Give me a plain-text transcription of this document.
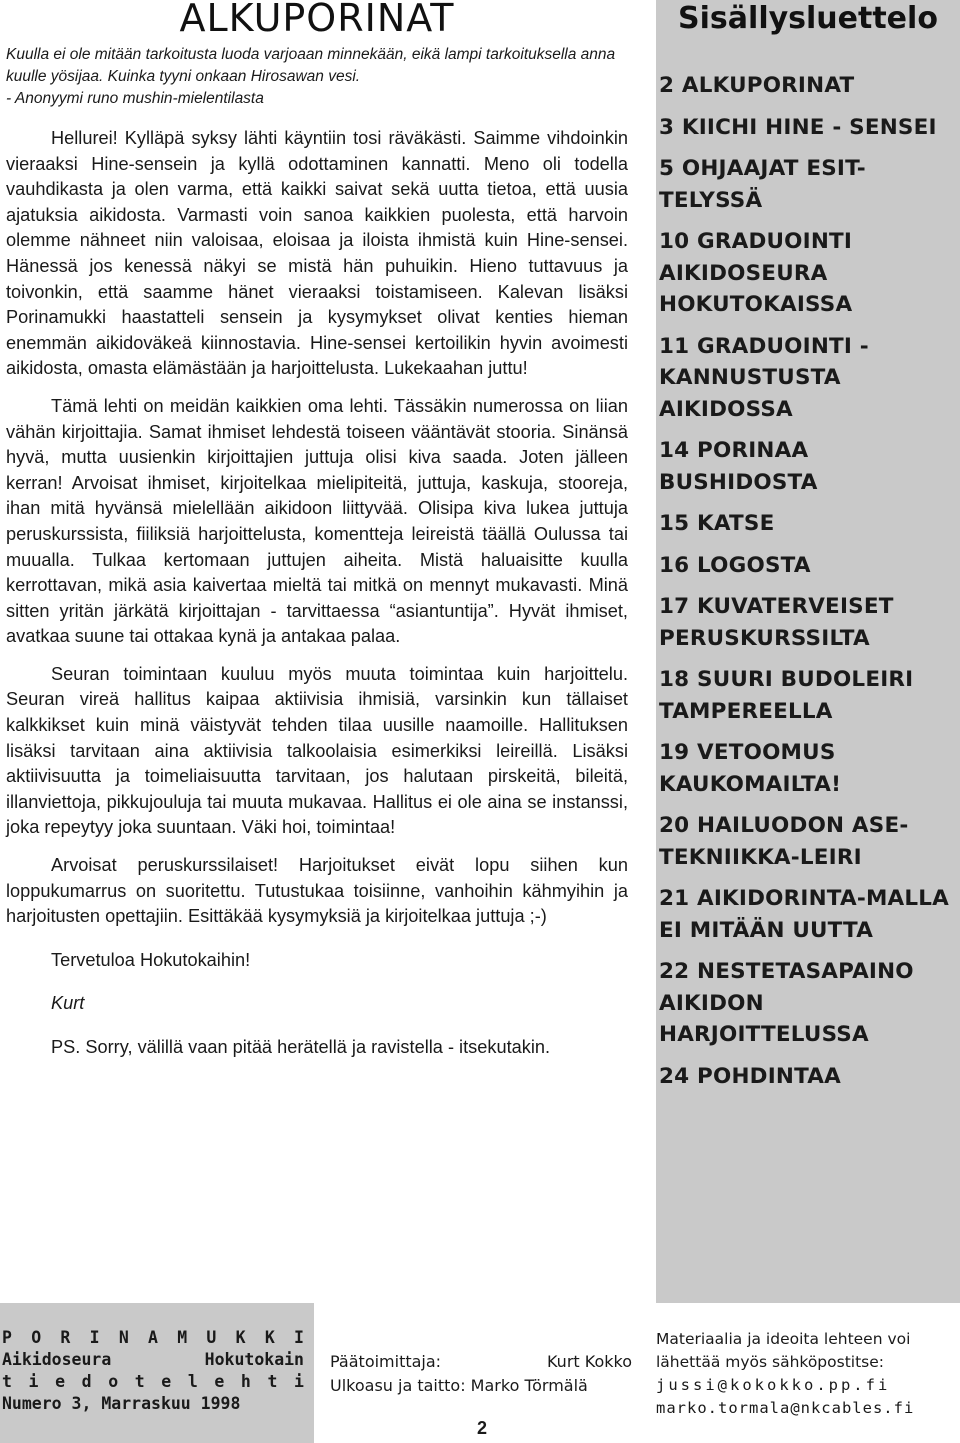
ALKUPORINAT
Kuulla ei ole mitään tarkoitusta luoda varjoaan minnekään, eikä lampi tarkoituksella anna kuulle yösijaa. Kuinka tyyni onkaan Hirosawan vesi.
- Anonyymi runo mushin-mielentilasta

Hellurei! Kylläpä syksy lähti käyntiin tosi räväkästi. Saimme vihdoinkin vieraaksi Hine-sensein ja kyllä odottaminen kannatti. Meno oli todella vauhdikasta ja olen varma, että kaikki saivat sekä uutta tietoa, että uusia ajatuksia aikidosta. Varmasti voin sanoa kaikkien puolesta, että harvoin olemme nähneet niin valoisaa, eloisaa ja iloista ihmistä kuin Hine-sensei. Hänessä jos kenessä näkyi se mistä hän puhuikin. Hieno tuttavuus ja toivonkin, että saamme hänet vieraaksi toistamiseen. Kalevan lisäksi Porinamukki haastatteli sensein ja kysymykset olivat kenties hieman enemmän aikidoväkeä kiinnostavia. Hine-sensei kertoilikin hyvin avoimesti aikidosta, omasta elämästään ja harjoittelusta. Lukekaahan juttu!

Tämä lehti on meidän kaikkien oma lehti. Tässäkin numerossa on liian vähän kirjoittajia. Samat ihmiset lehdestä toiseen vääntävät stooria. Sinänsä hyvä, mutta uusienkin kirjoittajien juttuja olisi kiva saada. Joten jälleen kerran! Arvoisat ihmiset, kirjoitelkaa mielipiteitä, juttuja, kaskuja, stooreja, ihan mitä hyvänsä mielellään aikidoon liittyvää. Olisipa kiva lukea juttuja peruskurssista, fiiliksiä harjoittelusta, komentteja leireistä täällä Oulussa tai muualla. Tulkaa kertomaan juttujen aiheita. Mistä haluaisitte kuulla kerrottavan, mikä asia kaivertaa mieltä tai mitkä on mennyt mukavasti. Minä sitten yritän järkätä kirjoittajan - tarvittaessa “asiantuntija”. Hyvät ihmiset, avatkaa suune tai ottakaa kynä ja antakaa palaa.

Seuran toimintaan kuuluu myös muuta toimintaa kuin harjoittelu. Seuran vireä hallitus kaipaa aktiivisia ihmisiä, varsinkin kun tällaiset kalkkikset kuin minä väistyvät tehden tilaa uusille naamoille. Hallituksen lisäksi tarvitaan aina aktiivisia talkoolaisia esimerkiksi leireillä. Lisäksi aktiivisuutta ja toimeliaisuutta tarvitaan, jos halutaan pirskeitä, bileitä, illanviettoja, pikkujouluja tai muuta mukavaa. Hallitus ei ole aina se instanssi, joka repeytyy joka suuntaan. Väki hoi, toimintaa!

Arvoisat peruskurssilaiset! Harjoitukset eivät lopu siihen kun loppukumarrus on suoritettu. Tutustukaa toisiinne, vanhoihin kähmyihin ja harjoitusten opettajiin. Esittäkää kysymyksiä ja kirjoitelkaa juttuja ;-)

Tervetuloa Hokutokaihin!

Kurt

PS. Sorry, välillä vaan pitää herätellä ja ravistella - itsekutakin.

Sisällysluettelo
2 ALKUPORINAT
3 KIICHI HINE - SENSEI
5 OHJAAJAT ESIT-TELYSSÄ
10 GRADUOINTI AIKIDOSEURA HOKUTOKAISSA
11 GRADUOINTI - KANNUSTUSTA AIKIDOSSA
14 PORINAA BUSHIDOSTA
15 KATSE
16 LOGOSTA
17 KUVATERVEISET PERUSKURSSILTA
18 SUURI BUDOLEIRI TAMPEREELLA
19 VETOOMUS KAUKOMAILTA!
20 HAILUODON ASE-TEKNIIKKA-LEIRI
21 AIKIDORINTA-MALLA EI MITÄÄN UUTTA
22 NESTETASAPAINO AIKIDON HARJOITTELUSSA
24 POHDINTAA
P O R I N A M U K K I
Aikidoseura	Hokutokain
t i e d o t e l e h t i
Numero 3, Marraskuu 1998
Päätoimittaja:	Kurt Kokko
Ulkoasu ja taitto: Marko Törmälä
2
Materiaalia ja ideoita lehteen voi lähettää myös sähköpostitse:
jussi@kokokko.pp.fi
marko.tormala@nkcables.fi
